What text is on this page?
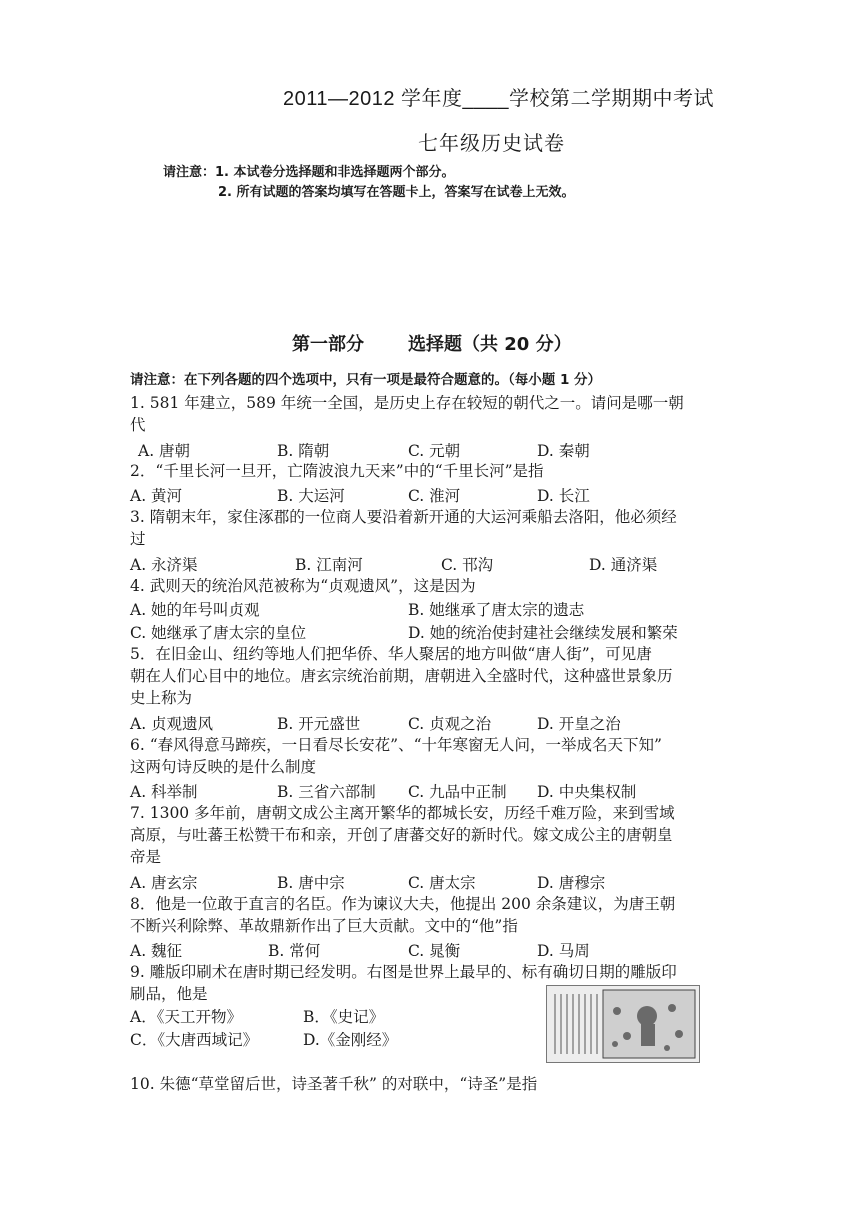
2011—2012 学年度____学校第二学期期中考试
七年级历史试卷
请注意：1. 本试卷分选择题和非选择题两个部分。
2. 所有试题的答案均填写在答题卡上，答案写在试卷上无效。
第一部分 选择题（共 20 分）
请注意：在下列各题的四个选项中，只有一项是最符合题意的。（每小题 1 分）
1. 581 年建立，589 年统一全国，是历史上存在较短的朝代之一。请问是哪一朝
代
A. 唐朝	B. 隋朝	C. 元朝	D. 秦朝
2．“千里长河一旦开，亡隋波浪九天来”中的“千里长河”是指
A. 黄河	B. 大运河	C. 淮河	D. 长江
3. 隋朝末年，家住涿郡的一位商人要沿着新开通的大运河乘船去洛阳，他必须经
过
A. 永济渠	B. 江南河	C. 邗沟	D. 通济渠
4. 武则天的统治风范被称为“贞观遗风”，这是因为
A. 她的年号叫贞观	B. 她继承了唐太宗的遗志
C. 她继承了唐太宗的皇位	D. 她的统治使封建社会继续发展和繁荣
5．在旧金山、纽约等地人们把华侨、华人聚居的地方叫做“唐人街”，可见唐
朝在人们心目中的地位。唐玄宗统治前期，唐朝进入全盛时代，这种盛世景象历
史上称为
A. 贞观遗风	B. 开元盛世	C. 贞观之治	D. 开皇之治
6. “春风得意马蹄疾，一日看尽长安花”、“十年寒窗无人问，一举成名天下知”
这两句诗反映的是什么制度
A. 科举制	B. 三省六部制 C. 九品中正制 D. 中央集权制
7. 1300 多年前，唐朝文成公主离开繁华的都城长安，历经千难万险，来到雪域
高原，与吐蕃王松赞干布和亲，开创了唐蕃交好的新时代。嫁文成公主的唐朝皇
帝是
A. 唐玄宗	B. 唐中宗	C. 唐太宗	D. 唐穆宗
8．他是一位敢于直言的名臣。作为谏议大夫，他提出 200 余条建议，为唐王朝
不断兴利除弊、革故鼎新作出了巨大贡献。文中的“他”指
A. 魏征	B. 常何	C. 晁衡	D. 马周
9. 雕版印刷术在唐时期已经发明。右图是世界上最早的、标有确切日期的雕版印
刷品，他是
A．《天工开物》	B．《史记》
C．《大唐西域记》	D.《金刚经》
10. 朱德“草堂留后世，诗圣著千秋” 的对联中，“诗圣”是指
